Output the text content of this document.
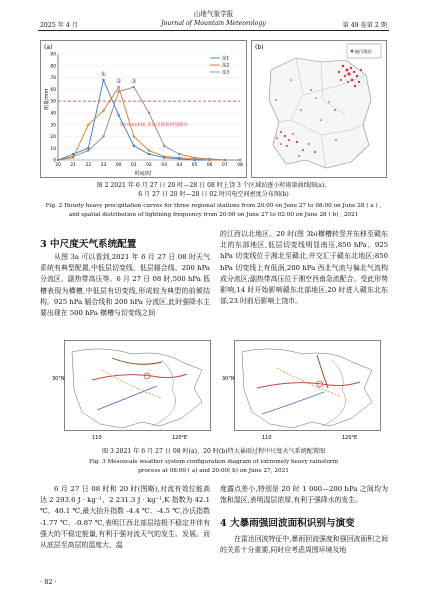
山地气象学报
2025 年 4 月	Journal of Mountain Meteorology	第 49 卷第 2 期
(a)
雨量/mm
0
10
20
30
40
50
60
70
80
90
20 21 22 23 00 01 02 03 04 05 06 07 08
①
② ③
50 mm/h线 多站出现短时强降水
时间/时
站1
站2
站3
(b)
地闪频次
图 2 2021 年 6 月 27 日 20 时—28 日 08 时上饶 3 个区域站逐小时雨量曲线图(a)、
6 月 27 日 20 时—28 日 02 时闪电空间密度分布图(b)
Fig. 2 Hourly heavy precipitation curves for three regional stations from 20:00 on June 27 to 08:00 on June 28 ( a ) ,
and spatial distribution of lightning frequency from 20:00 on June 27 to 02:00 on June 28 ( b) , 2021
3 中尺度天气系统配置
从图 3a 可以看到,2021 年 6 月 27 日 08 时天气系统有典型配置,中低层切变线、低层辐合线、200 hPa 分流区、副热带高压等。6 月 27 日 08 时,500 hPa 低槽表现为横槽,中低层有切变线,形成较为典型的前倾结构。925 hPa 辐合线和 200 hPa 分流区,此时强降水主要出现在 500 hPa 横槽与切变线之间
的江西以北地区。20 时(图 3b)横槽转竖并东移至赣东北的东部地区,低层切变线明显南压,850 hPa、925 hPa 切变线位于湘北至赣北,并交汇于赣东北地区;850 hPa 切变线上有低涡,200 hPa 西北气流与偏北气流构成分流区;副热带高压位于湘空西南急流配合。受此形势影响,14 时开始影响赣东北部地区,20 时进入赣东北东部,23 时前后影响上饶市。
30°N
110	120°E
30°N
110	120°E
图 3 2021 年 6 月 27 日 08 时(a)、20 时(b)特大暴雨过程中尺度天气系统配置图
Fig. 3 Mesoscale weather system configuration diagram of extremely heavy rainstorm
process at 08:00 ( a) and 20:00( b) on June 27, 2021
6 月 27 日 08 时和 20 时(图略),对流有效位能高达 2 293.6 J · kg⁻¹、2 231.3 J · kg⁻¹,K 指数为 42.1 ℃、40.1 ℃,最大抬升指数 -4.4 ℃、-4.5 ℃,沙氏指数 -1.77 ℃、-0.87 ℃,表明江西北部层结极不稳定并伴有强大的不稳定能量,有利于强对流天气的发生、发展。而从底层至高层的湿度大、温
度露点差小,特别是 20 时 1 000—200 hPa 之间均为饱和湿区,表明湿层浓厚,有利于强降水的发生。
4 大暴雨强回波面积识别与演变
在雷达回波特征中,暴雨回波强度和强回波面积之间的关系十分重要,同时应考虑周围环境及地
· 82 ·
